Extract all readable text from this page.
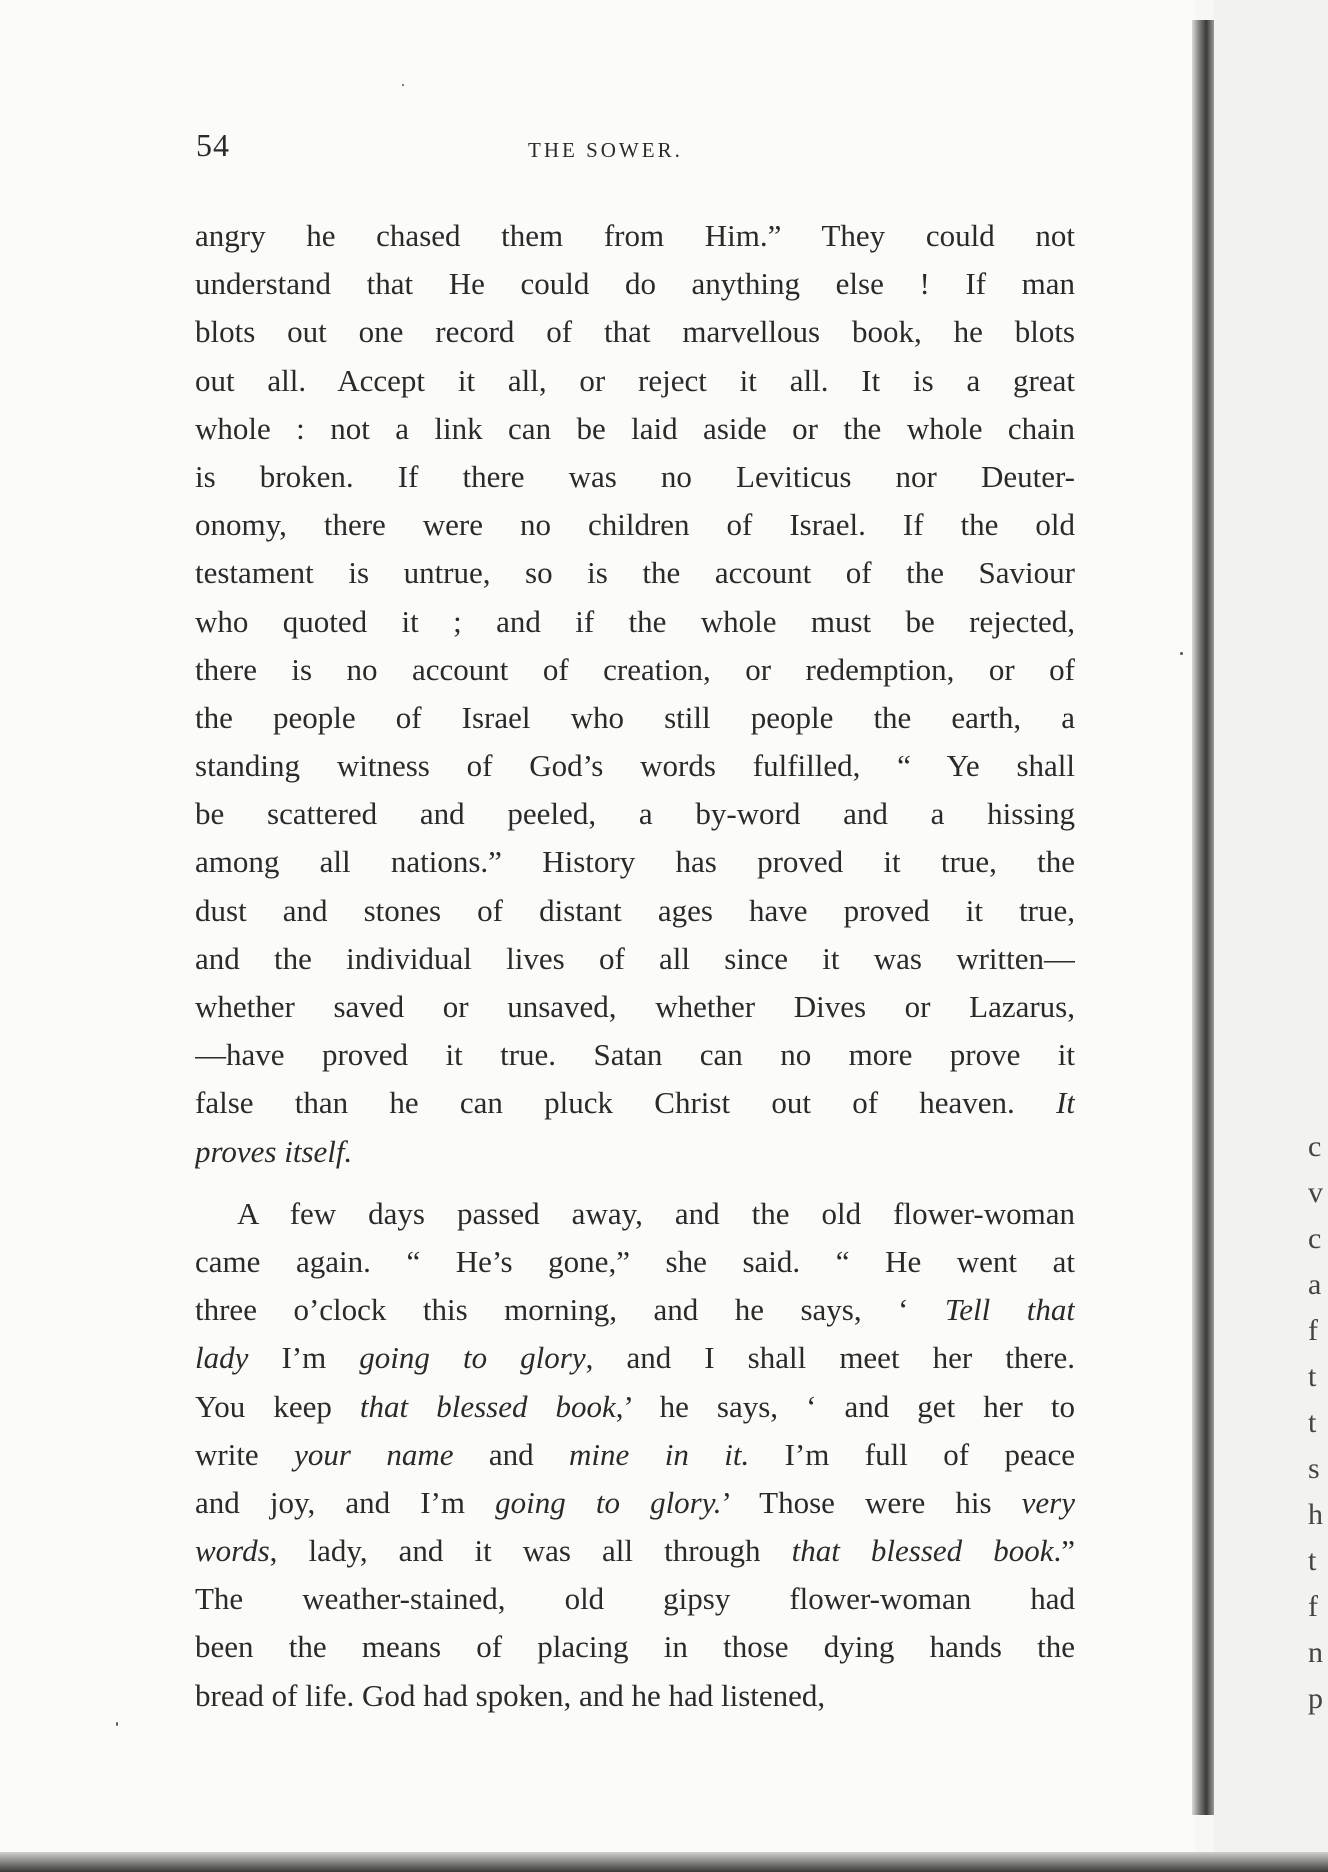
54	THE SOWER.
angry he chased them from Him.” They could not
understand that He could do anything else ! If man
blots out one record of that marvellous book, he blots
out all. Accept it all, or reject it all. It is a great
whole : not a link can be laid aside or the whole chain
is broken. If there was no Leviticus nor Deuter-
onomy, there were no children of Israel. If the old
testament is untrue, so is the account of the Saviour
who quoted it ; and if the whole must be rejected,
there is no account of creation, or redemption, or of
the people of Israel who still people the earth, a
standing witness of God’s words fulfilled, “ Ye shall
be scattered and peeled, a by-word and a hissing
among all nations.” History has proved it true, the
dust and stones of distant ages have proved it true,
and the individual lives of all since it was written—
whether saved or unsaved, whether Dives or Lazarus,
—have proved it true. Satan can no more prove it
false than he can pluck Christ out of heaven. It
proves itself.
A few days passed away, and the old flower-woman
came again. “ He’s gone,” she said. “ He went at
three o’clock this morning, and he says, ‘ Tell that
lady I’m going to glory, and I shall meet her there.
You keep that blessed book,’ he says, ‘ and get her to
write your name and mine in it. I’m full of peace
and joy, and I’m going to glory.’ Those were his very
words, lady, and it was all through that blessed book.”
The weather-stained, old gipsy flower-woman had
been the means of placing in those dying hands the
bread of life. God had spoken, and he had listened,
c
v
c
a
f
t
t
s
h
t
f
n
p
